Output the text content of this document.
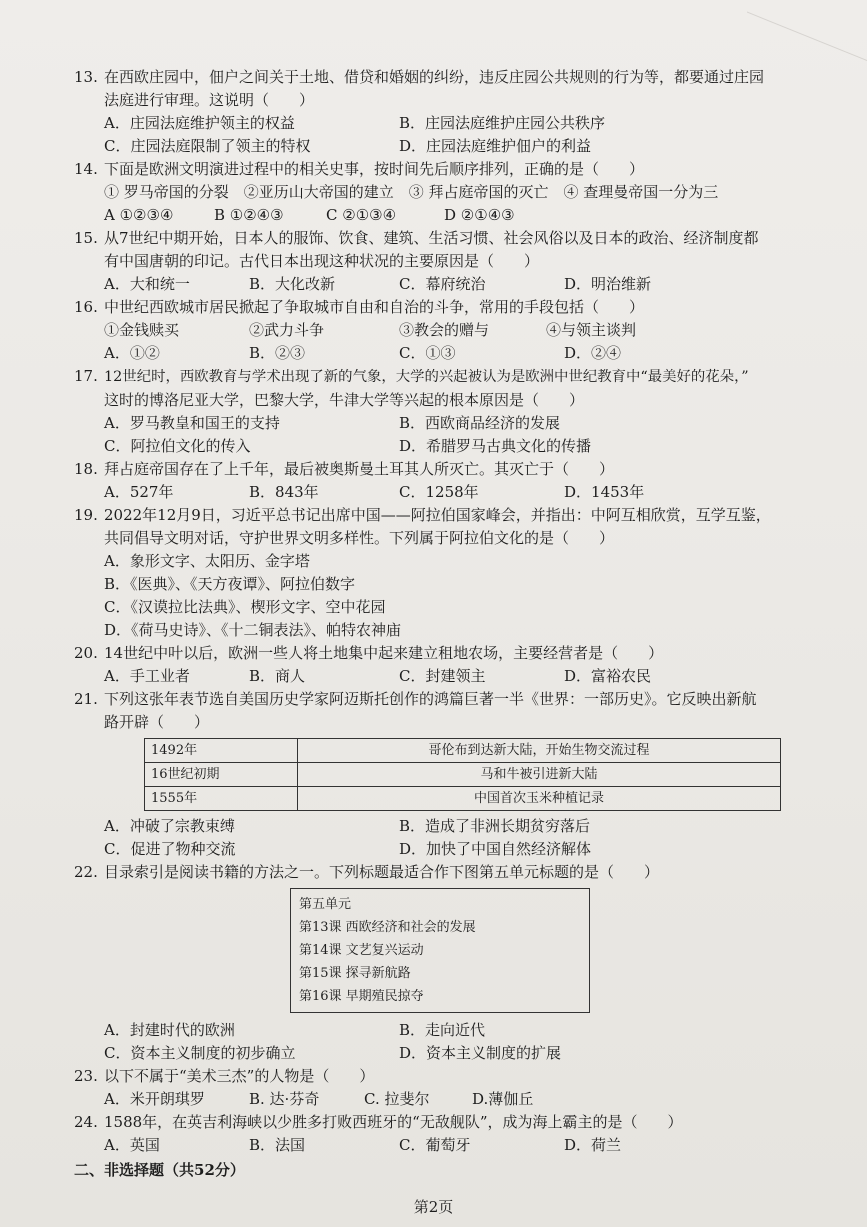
13. 在西欧庄园中，佃户之间关于土地、借贷和婚姻的纠纷，违反庄园公共规则的行为等，都要通过庄园
法庭进行审理。这说明（　　）
A．庄园法庭维护领主的权益	B．庄园法庭维护庄园公共秩序
C．庄园法庭限制了领主的特权	D．庄园法庭维护佃户的利益
14. 下面是欧洲文明演进过程中的相关史事，按时间先后顺序排列，正确的是（　　）
① 罗马帝国的分裂　②亚历山大帝国的建立　③ 拜占庭帝国的灭亡　④ 查理曼帝国一分为三
A ①②③④	B ①②④③	C ②①③④	D ②①④③
15. 从7世纪中期开始，日本人的服饰、饮食、建筑、生活习惯、社会风俗以及日本的政治、经济制度都
有中国唐朝的印记。古代日本出现这种状况的主要原因是（　　）
A．大和统一	B．大化改新	C．幕府统治	D．明治维新
16. 中世纪西欧城市居民掀起了争取城市自由和自治的斗争，常用的手段包括（　　）
①金钱赎买	②武力斗争	③教会的赠与	④与领主谈判
A．①②	B．②③	C．①③	D．②④
17. 12世纪时，西欧教育与学术出现了新的气象，大学的兴起被认为是欧洲中世纪教育中“最美好的花朵，”
这时的博洛尼亚大学，巴黎大学，牛津大学等兴起的根本原因是（　　）
A．罗马教皇和国王的支持	B．西欧商品经济的发展
C．阿拉伯文化的传入	D．希腊罗马古典文化的传播
18. 拜占庭帝国存在了上千年，最后被奥斯曼土耳其人所灭亡。其灭亡于（　　）
A．527年	B．843年	C．1258年	D．1453年
19. 2022年12月9日，习近平总书记出席中国——阿拉伯国家峰会，并指出：中阿互相欣赏，互学互鉴，
共同倡导文明对话，守护世界文明多样性。下列属于阿拉伯文化的是（　　）
A．象形文字、太阳历、金字塔
B．《医典》、《天方夜谭》、阿拉伯数字
C．《汉谟拉比法典》、楔形文字、空中花园
D．《荷马史诗》、《十二铜表法》、帕特农神庙
20. 14世纪中叶以后，欧洲一些人将土地集中起来建立租地农场，主要经营者是（　　）
A．手工业者	B．商人	C．封建领主	D．富裕农民
21. 下列这张年表节选自美国历史学家阿迈斯托创作的鸿篇巨著一半《世界：一部历史》。它反映出新航
路开辟（　　）
1492年	哥伦布到达新大陆，开始生物交流过程
16世纪初期	马和牛被引进新大陆
1555年	中国首次玉米种植记录
A．冲破了宗教束缚	B．造成了非洲长期贫穷落后
C．促进了物种交流	D．加快了中国自然经济解体
22. 目录索引是阅读书籍的方法之一。下列标题最适合作下图第五单元标题的是（　　）
第五单元
第13课 西欧经济和社会的发展
第14课 文艺复兴运动
第15课 探寻新航路
第16课 早期殖民掠夺
A．封建时代的欧洲	B．走向近代
C．资本主义制度的初步确立	D．资本主义制度的扩展
23. 以下不属于“美术三杰”的人物是（　　）
A．米开朗琪罗	B. 达·芬奇	C. 拉斐尔	D.薄伽丘
24. 1588年，在英吉利海峡以少胜多打败西班牙的“无敌舰队”，成为海上霸主的是（　　）
A．英国	B．法国	C．葡萄牙	D．荷兰
二、非选择题（共52分）
第2页
